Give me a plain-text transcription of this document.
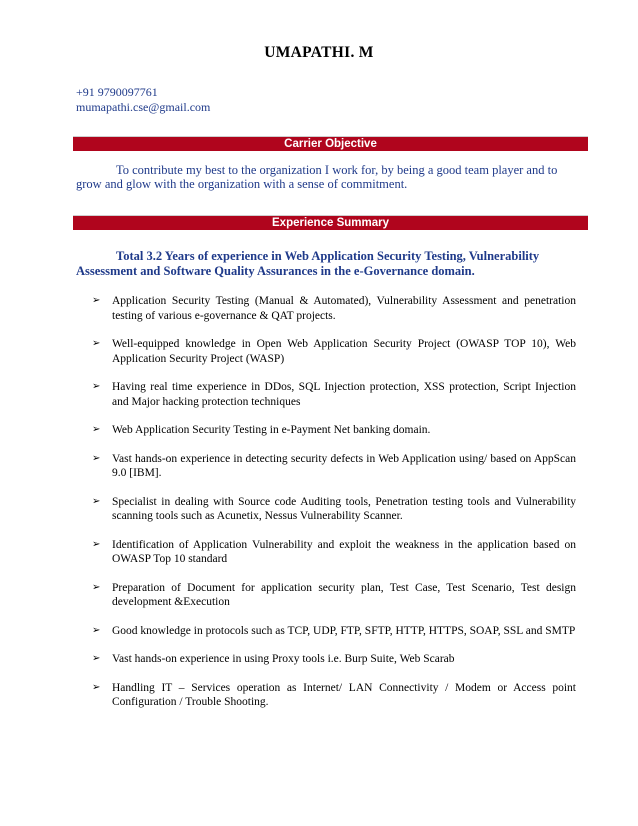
UMAPATHI. M
+91 9790097761
mumapathi.cse@gmail.com
Carrier Objective
To contribute my best to the organization I work for, by being a good team player and to grow and glow with the organization with a sense of commitment.
Experience Summary
Total 3.2 Years of experience in Web Application Security Testing, Vulnerability Assessment and Software Quality Assurances in the e-Governance domain.
➢ Application Security Testing (Manual & Automated), Vulnerability Assessment and penetration testing of various e-governance & QAT projects.
➢ Well-equipped knowledge in Open Web Application Security Project (OWASP TOP 10), Web Application Security Project (WASP)
➢ Having real time experience in DDos, SQL Injection protection, XSS protection, Script Injection and Major hacking protection techniques
➢ Web Application Security Testing in e-Payment Net banking domain.
➢ Vast hands-on experience in detecting security defects in Web Application using/ based on AppScan 9.0 [IBM].
➢ Specialist in dealing with Source code Auditing tools, Penetration testing tools and Vulnerability scanning tools such as Acunetix, Nessus Vulnerability Scanner.
➢ Identification of Application Vulnerability and exploit the weakness in the application based on OWASP Top 10 standard
➢ Preparation of Document for application security plan, Test Case, Test Scenario, Test design development &Execution
➢ Good knowledge in protocols such as TCP, UDP, FTP, SFTP, HTTP, HTTPS, SOAP, SSL and SMTP
➢ Vast hands-on experience in using Proxy tools i.e. Burp Suite, Web Scarab
➢ Handling IT – Services operation as Internet/ LAN Connectivity / Modem or Access point Configuration / Trouble Shooting.
